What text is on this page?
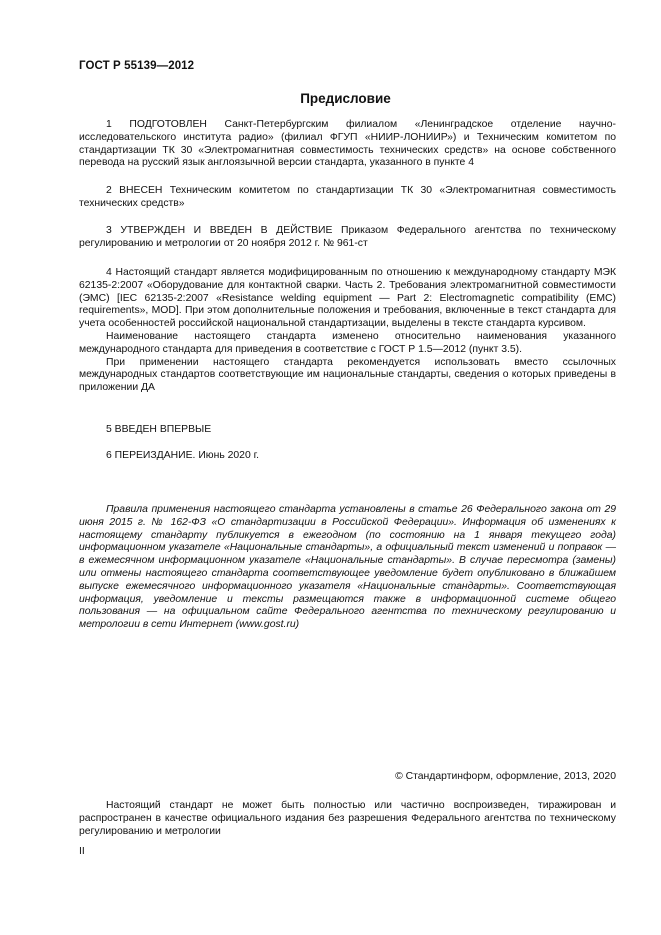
ГОСТ Р 55139—2012
Предисловие

1 ПОДГОТОВЛЕН Санкт-Петербургским филиалом «Ленинградское отделение научно-исследовательского института радио» (филиал ФГУП «НИИР-ЛОНИИР») и Техническим комитетом по стандартизации ТК 30 «Электромагнитная совместимость технических средств» на основе собственного перевода на русский язык англоязычной версии стандарта, указанного в пункте 4

2 ВНЕСЕН Техническим комитетом по стандартизации ТК 30 «Электромагнитная совместимость технических средств»

3 УТВЕРЖДЕН И ВВЕДЕН В ДЕЙСТВИЕ Приказом Федерального агентства по техническому регулированию и метрологии от 20 ноября 2012 г. № 961-ст

4 Настоящий стандарт является модифицированным по отношению к международному стандарту МЭК 62135-2:2007 «Оборудование для контактной сварки. Часть 2. Требования электромагнитной совместимости (ЭМС) [IEC 62135-2:2007 «Resistance welding equipment — Part 2: Electromagnetic compatibility (EMC) requirements», MOD]. При этом дополнительные положения и требования, включенные в текст стандарта для учета особенностей российской национальной стандартизации, выделены в тексте стандарта курсивом.

Наименование настоящего стандарта изменено относительно наименования указанного международного стандарта для приведения в соответствие с ГОСТ Р 1.5—2012 (пункт 3.5).

При применении настоящего стандарта рекомендуется использовать вместо ссылочных международных стандартов соответствующие им национальные стандарты, сведения о которых приведены в приложении ДА

5 ВВЕДЕН ВПЕРВЫЕ

6 ПЕРЕИЗДАНИЕ. Июнь 2020 г.

Правила применения настоящего стандарта установлены в статье 26 Федерального закона от 29 июня 2015 г. № 162-ФЗ «О стандартизации в Российской Федерации». Информация об изменениях к настоящему стандарту публикуется в ежегодном (по состоянию на 1 января текущего года) информационном указателе «Национальные стандарты», а официальный текст изменений и поправок — в ежемесячном информационном указателе «Национальные стандарты». В случае пересмотра (замены) или отмены настоящего стандарта соответствующее уведомление будет опубликовано в ближайшем выпуске ежемесячного информационного указателя «Национальные стандарты». Соответствующая информация, уведомление и тексты размещаются также в информационной системе общего пользования — на официальном сайте Федерального агентства по техническому регулированию и метрологии в сети Интернет (www.gost.ru)

© Стандартинформ, оформление, 2013, 2020

Настоящий стандарт не может быть полностью или частично воспроизведен, тиражирован и распространен в качестве официального издания без разрешения Федерального агентства по техническому регулированию и метрологии

II
